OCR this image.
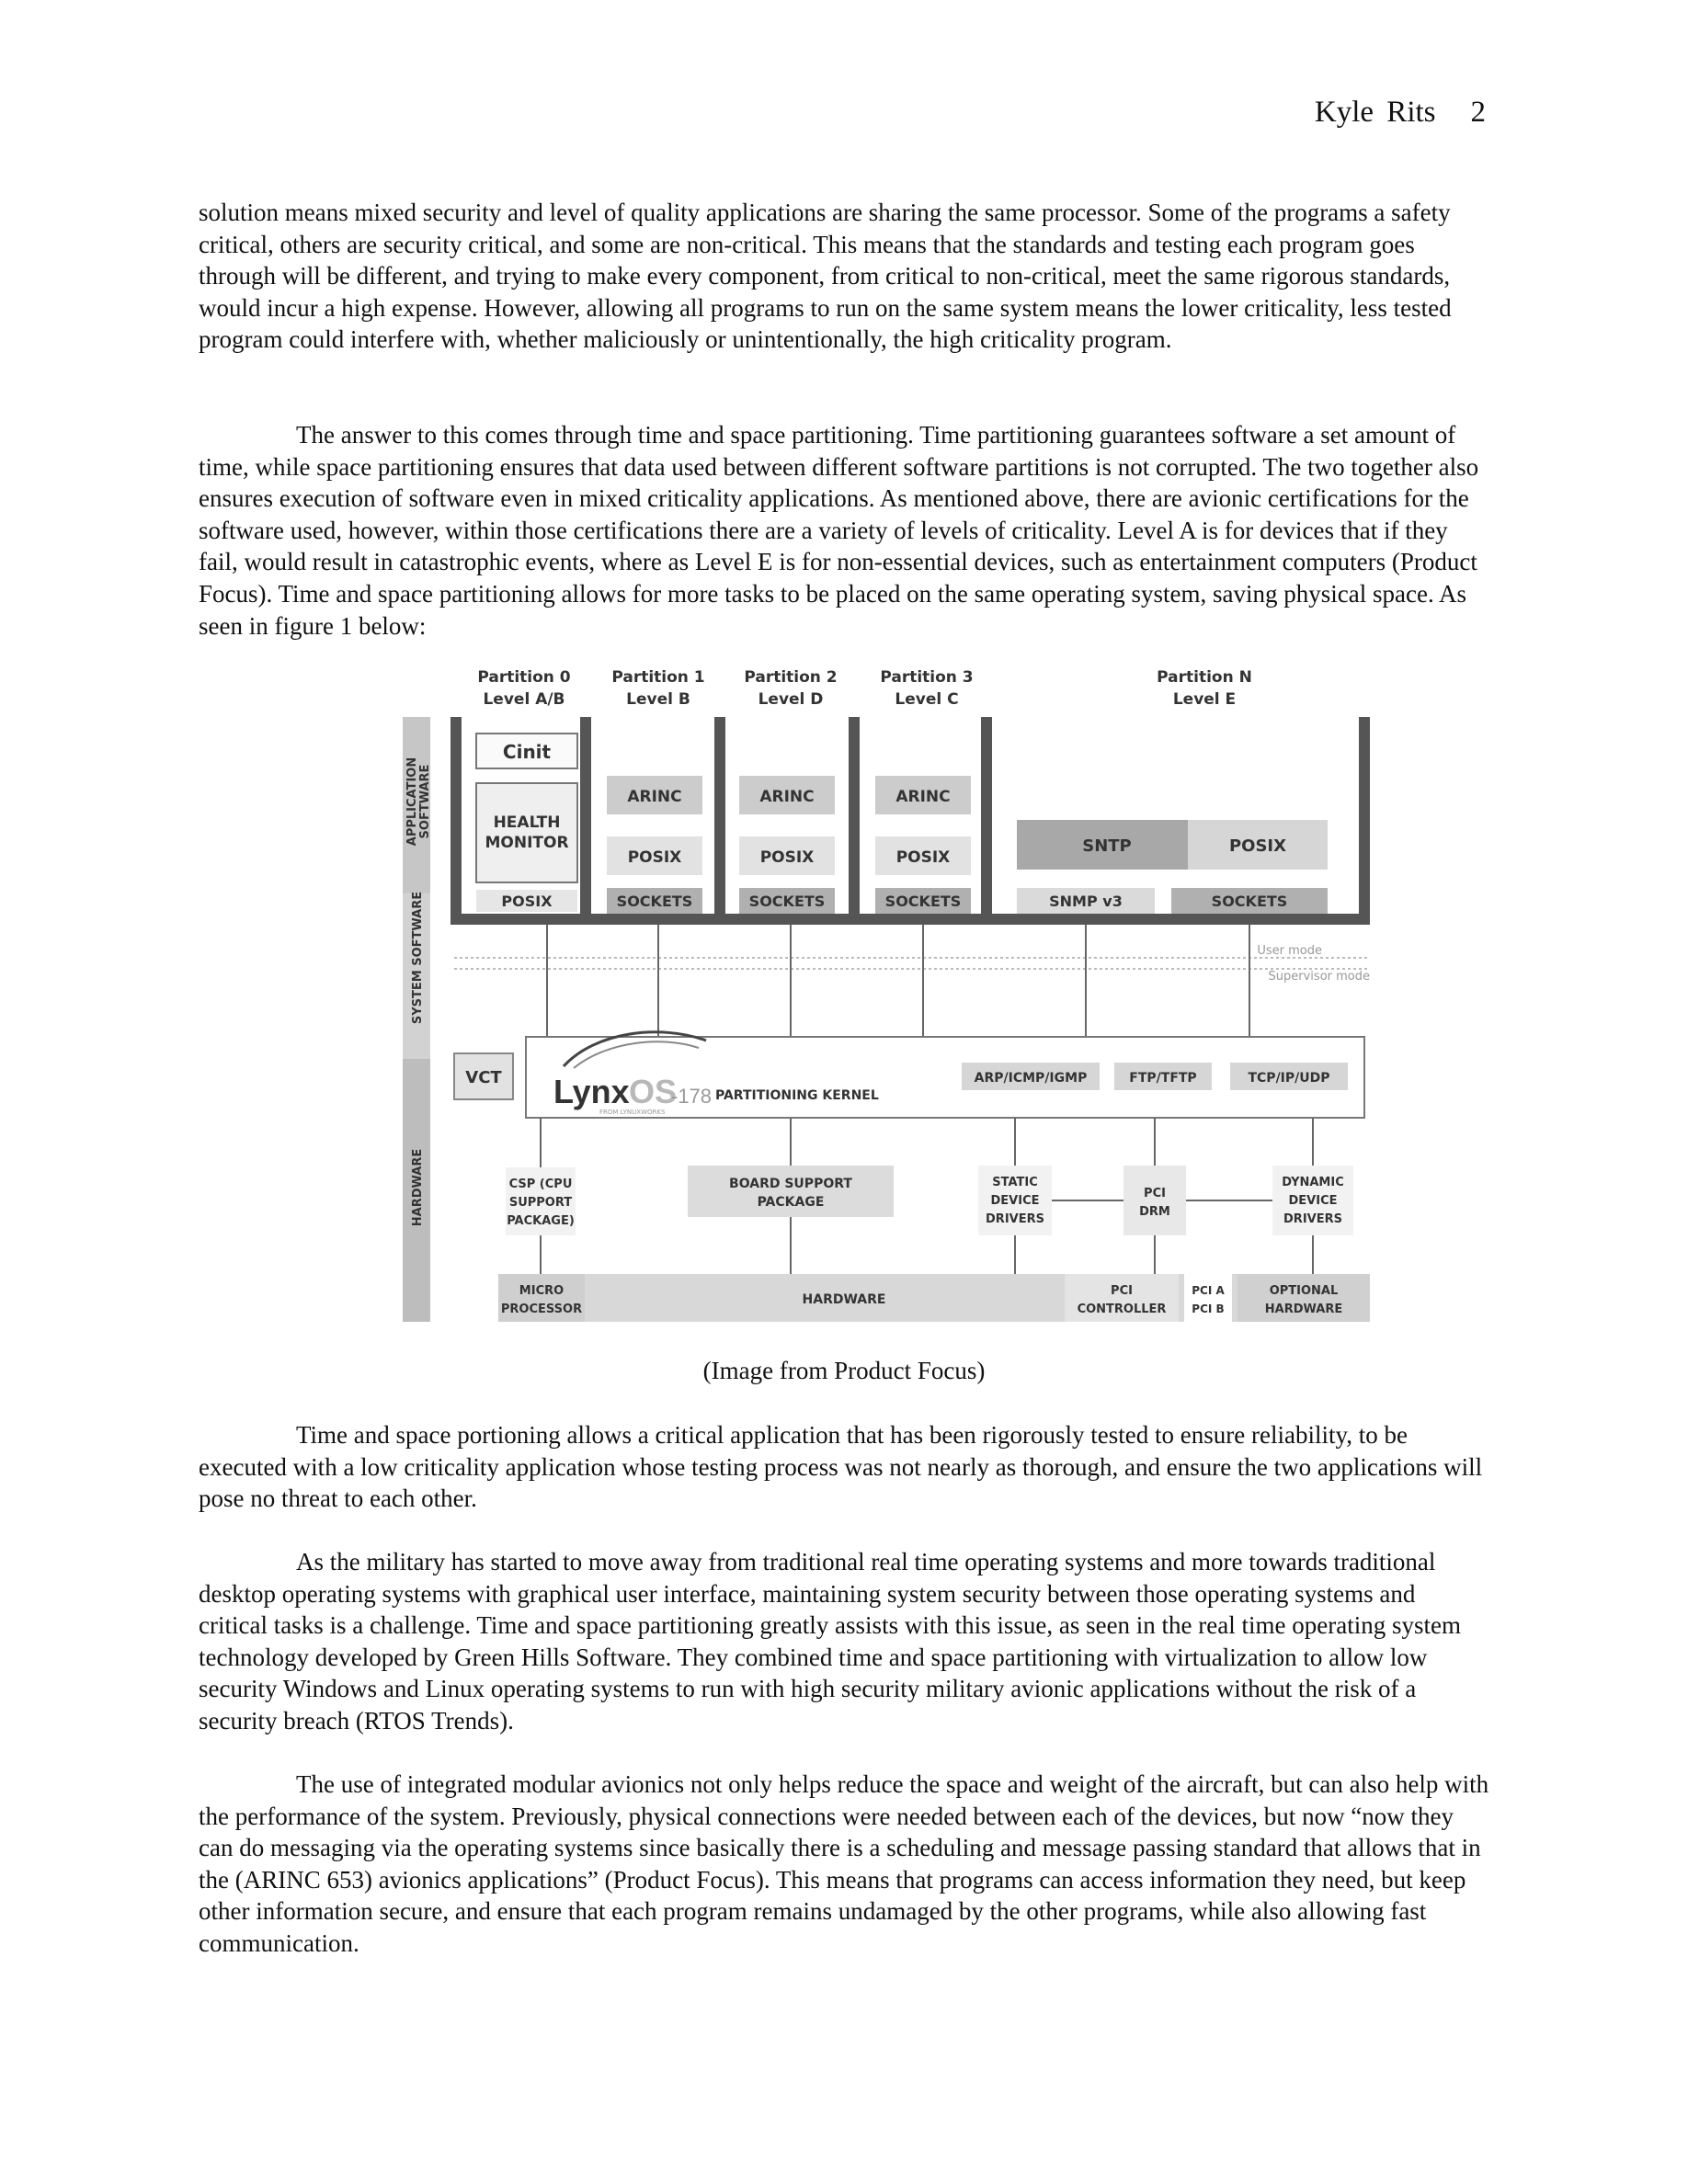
Kyle Rits 2

solution means mixed security and level of quality applications are sharing the same processor. Some of the programs a safety critical, others are security critical, and some are non-critical. This means that the standards and testing each program goes through will be different, and trying to make every component, from critical to non-critical, meet the same rigorous standards, would incur a high expense. However, allowing all programs to run on the same system means the lower criticality, less tested program could interfere with, whether maliciously or unintentionally, the high criticality program.

The answer to this comes through time and space partitioning. Time partitioning guarantees software a set amount of time, while space partitioning ensures that data used between different software partitions is not corrupted. The two together also ensures execution of software even in mixed criticality applications. As mentioned above, there are avionic certifications for the software used, however, within those certifications there are a variety of levels of criticality. Level A is for devices that if they fail, would result in catastrophic events, where as Level E is for non-essential devices, such as entertainment computers (Product Focus). Time and space partitioning allows for more tasks to be placed on the same operating system, saving physical space. As seen in figure 1 below:

APPLICATION SOFTWARE
SYSTEM SOFTWARE
HARDWARE
Partition 0
Level A/B
Partition 1
Level B
Partition 2
Level D
Partition 3
Level C
Partition N
Level E
Cinit
HEALTH
MONITOR
POSIX
ARINC
POSIX
SOCKETS
ARINC
POSIX
SOCKETS
ARINC
POSIX
SOCKETS
SNTP	POSIX
SNMP v3	SOCKETS
User mode
Supervisor mode
VCT Lynx OS
-178
FROM LYNUXWORKS
PARTITIONING KERNEL
ARP/ICMP/IGMP	FTP/TFTP	TCP/IP/UDP
CSP (CPU
SUPPORT
PACKAGE)
BOARD SUPPORT
PACKAGE
STATIC
DEVICE
DRIVERS
PCI
DRM
DYNAMIC
DEVICE
DRIVERS
MICRO
PROCESSOR
HARDWARE
PCI
CONTROLLER
PCI A
PCI B
OPTIONAL
HARDWARE
(Image from Product Focus)

Time and space portioning allows a critical application that has been rigorously tested to ensure reliability, to be executed with a low criticality application whose testing process was not nearly as thorough, and ensure the two applications will pose no threat to each other.

As the military has started to move away from traditional real time operating systems and more towards traditional desktop operating systems with graphical user interface, maintaining system security between those operating systems and critical tasks is a challenge. Time and space partitioning greatly assists with this issue, as seen in the real time operating system technology developed by Green Hills Software. They combined time and space partitioning with virtualization to allow low security Windows and Linux operating systems to run with high security military avionic applications without the risk of a security breach (RTOS Trends).

The use of integrated modular avionics not only helps reduce the space and weight of the aircraft, but can also help with the performance of the system. Previously, physical connections were needed between each of the devices, but now “now they can do messaging via the operating systems since basically there is a scheduling and message passing standard that allows that in the (ARINC 653) avionics applications” (Product Focus). This means that programs can access information they need, but keep other information secure, and ensure that each program remains undamaged by the other programs, while also allowing fast communication.
